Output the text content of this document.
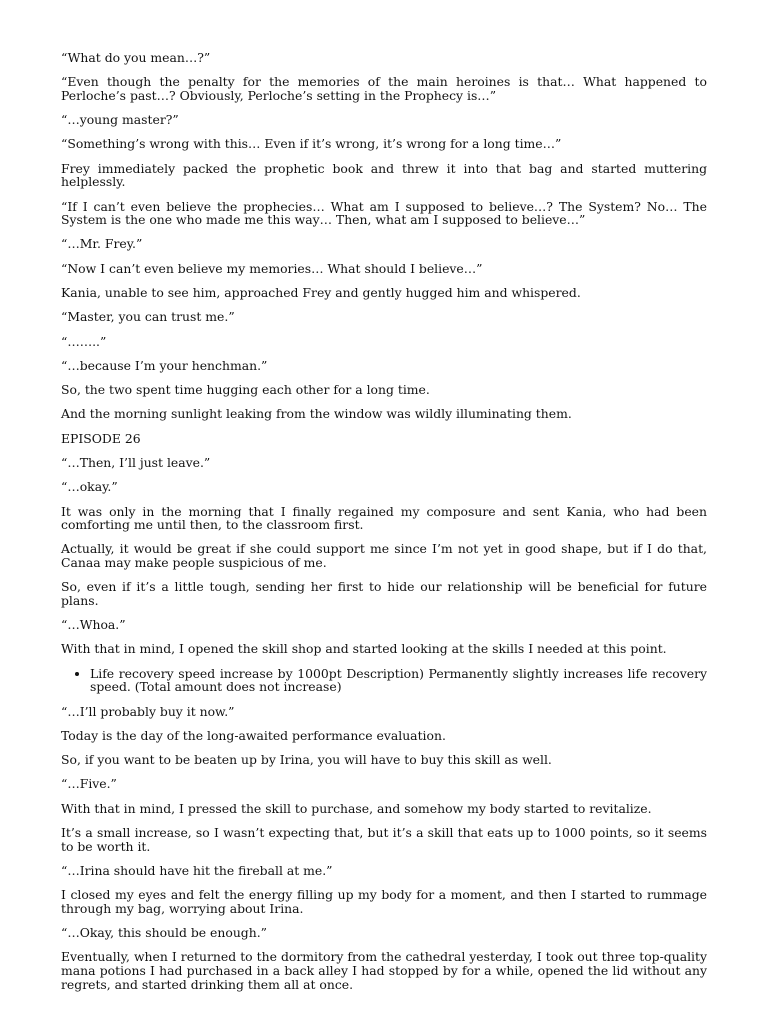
“What do you mean…?”

“Even though the penalty for the memories of the main heroines is that… What happened to Perloche’s past…? Obviously, Perloche’s setting in the Prophecy is…”

“…young master?”

“Something’s wrong with this… Even if it’s wrong, it’s wrong for a long time…”

Frey immediately packed the prophetic book and threw it into that bag and started muttering helplessly.

“If I can’t even believe the prophecies… What am I supposed to believe…? The System? No… The System is the one who made me this way… Then, what am I supposed to believe…”

“…Mr. Frey.”

“Now I can’t even believe my memories… What should I believe…”

Kania, unable to see him, approached Frey and gently hugged him and whispered.

“Master, you can trust me.”

“……..”

“…because I’m your henchman.”

So, the two spent time hugging each other for a long time.

And the morning sunlight leaking from the window was wildly illuminating them.

EPISODE 26

“…Then, I’ll just leave.”

“…okay.”

It was only in the morning that I finally regained my composure and sent Kania, who had been comforting me until then, to the classroom first.

Actually, it would be great if she could support me since I’m not yet in good shape, but if I do that, Canaa may make people suspicious of me.

So, even if it’s a little tough, sending her first to hide our relationship will be beneficial for future plans.

“…Whoa.”

With that in mind, I opened the skill shop and started looking at the skills I needed at this point.

• Life recovery speed increase by 1000pt Description) Permanently slightly increases life recovery speed. (Total amount does not increase)

“…I’ll probably buy it now.”

Today is the day of the long-awaited performance evaluation.

So, if you want to be beaten up by Irina, you will have to buy this skill as well.

“…Five.”

With that in mind, I pressed the skill to purchase, and somehow my body started to revitalize.

It’s a small increase, so I wasn’t expecting that, but it’s a skill that eats up to 1000 points, so it seems to be worth it.

“…Irina should have hit the fireball at me.”

I closed my eyes and felt the energy filling up my body for a moment, and then I started to rummage through my bag, worrying about Irina.

“…Okay, this should be enough.”

Eventually, when I returned to the dormitory from the cathedral yesterday, I took out three top-quality mana potions I had purchased in a back alley I had stopped by for a while, opened the lid without any regrets, and started drinking them all at once.
